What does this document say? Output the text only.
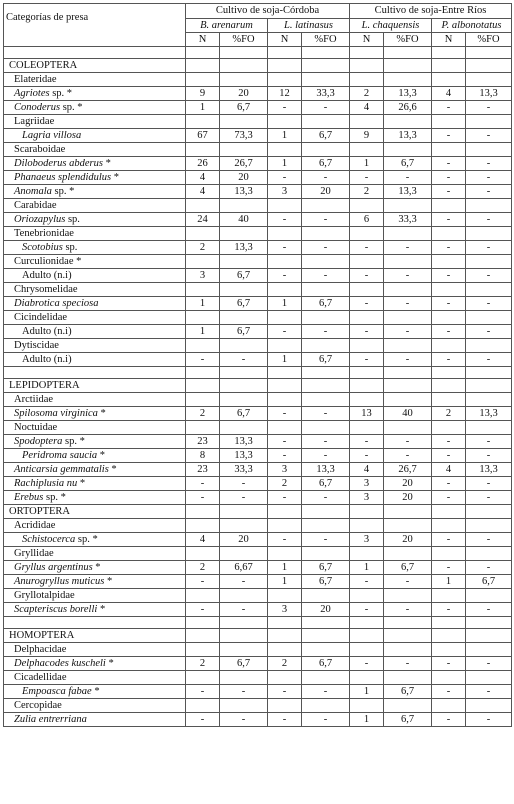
Categorías de presa	Cultivo de soja-Córdoba				Cultivo de soja-Entre Ríos			
	B. arenarum		L. latinasus		L. chaquensis		P. albonotatus	
	N	%FO	N	%FO	N	%FO	N	%FO

COLEOPTERA								
Elateridae								
Agriotes sp. *	9	20	12	33,3	2	13,3	4	13,3
Conoderus sp. *	1	6,7	-	-	4	26,6	-	-
Lagriidae								
Lagria villosa	67	73,3	1	6,7	9	13,3	-	-
Scaraboidae								
Diloboderus abderus *	26	26,7	1	6,7	1	6,7	-	-
Phanaeus splendidulus *	4	20	-	-	-	-	-	-
Anomala sp. *	4	13,3	3	20	2	13,3	-	-
Carabidae								
Oriozapylus sp.	24	40	-	-	6	33,3	-	-
Tenebrionidae								
Scotobius sp.	2	13,3	-	-	-	-	-	-
Curculionidae *								
Adulto (n.i)	3	6,7	-	-	-	-	-	-
Chrysomelidae								
Diabrotica speciosa	1	6,7	1	6,7	-	-	-	-
Cicindelidae								
Adulto (n.i)	1	6,7	-	-	-	-	-	-
Dytiscidae								
Adulto (n.i)	-	-	1	6,7	-	-	-	-

LEPIDOPTERA								
Arctiidae								
Spilosoma virginica *	2	6,7	-	-	13	40	2	13,3
Noctuidae								
Spodoptera sp. *	23	13,3	-	-	-	-	-	-
Peridroma saucia *	8	13,3	-	-	-	-	-	-
Anticarsia gemmatalis *	23	33,3	3	13,3	4	26,7	4	13,3
Rachiplusia nu *	-	-	2	6,7	3	20	-	-
Erebus sp. *	-	-	-	-	3	20	-	-
ORTOPTERA								
Acrididae								
Schistocerca sp. *	4	20	-	-	3	20	-	-
Gryllidae								
Gryllus argentinus *	2	6,67	1	6,7	1	6,7	-	-
Anurogryllus muticus *	-	-	1	6,7	-	-	1	6,7
Gryllotalpidae								
Scapteriscus borelli *	-	-	3	20	-	-	-	-

HOMOPTERA								
Delphacidae								
Delphacodes kuscheli *	2	6,7	2	6,7	-	-	-	-
Cicadellidae								
Empoasca fabae *	-	-	-	-	1	6,7	-	-
Cercopidae								
Zulia entrerriana	-	-	-	-	1	6,7	-	-
